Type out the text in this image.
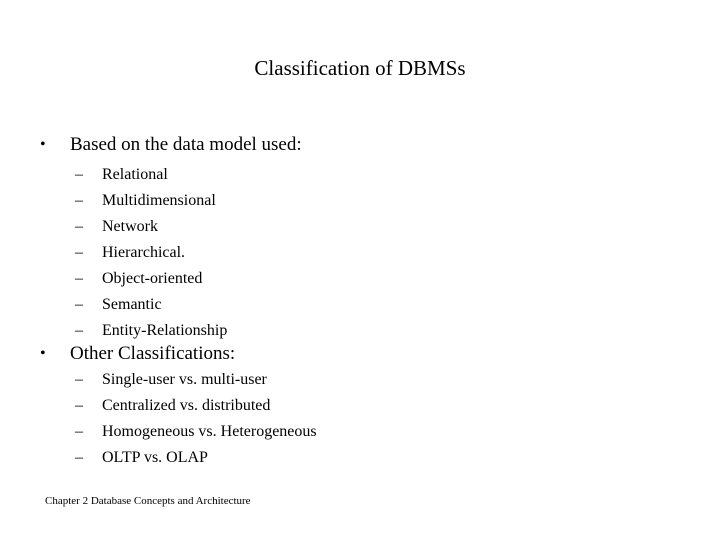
Classification of DBMSs
• Based on the data model used:
– Relational
– Multidimensional
– Network
– Hierarchical.
– Object-oriented
– Semantic
– Entity-Relationship
• Other Classifications:
– Single-user vs. multi-user
– Centralized vs. distributed
– Homogeneous vs. Heterogeneous
– OLTP vs. OLAP
Chapter 2 Database Concepts and Architecture
